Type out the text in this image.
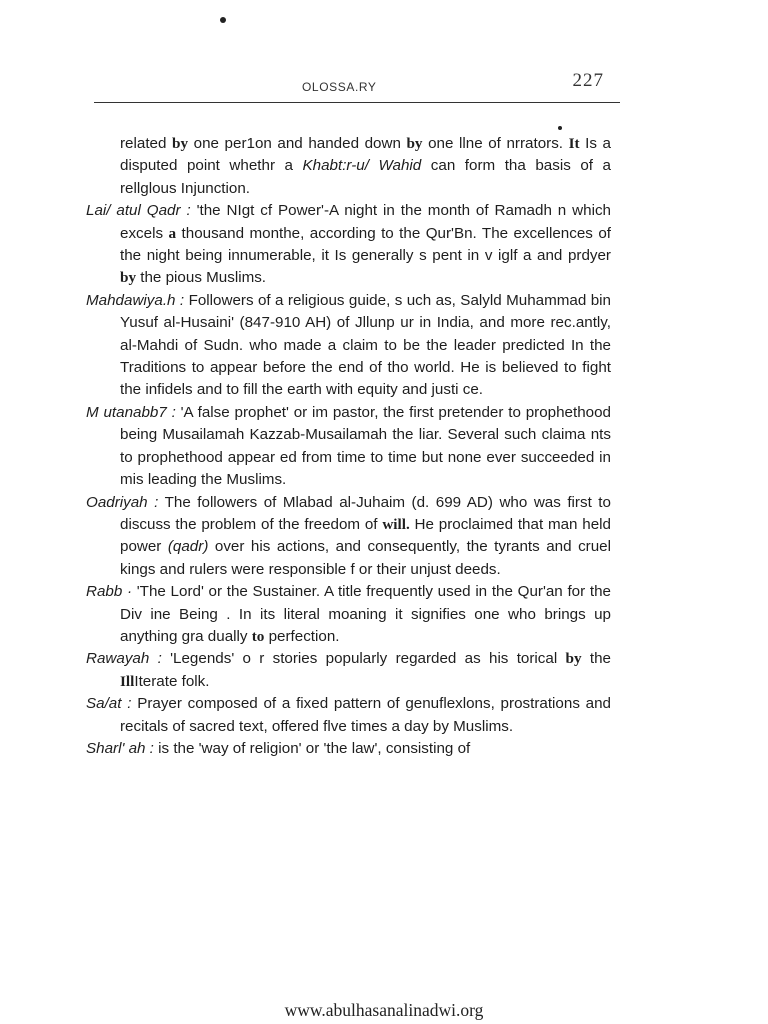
OLOSSA.RY	227

related by one per1on and handed down by one llne of nrrators. It Is a disputed point whethr a Khabt:r-u/ Wahid can form tha basis of a rellglous Injunction.

Lai/ atul Qadr : 'the NIgt cf Power'-A night in the month of Ramadh n which excels a thousand monthe, according to the Qur'Bn. The excellences of the night being innumerable, it Is generally s pent in v iglf a and prdyer by the pious Muslims.

Mahdawiya.h : Followers of a religious guide, s uch as, Salyld Muhammad bin Yusuf al-Husaini' (847-910 AH) of Jllunp ur in India, and more rec.antly, al-Mahdi of Sudn. who made a claim to be the leader predicted In the Traditions to appear before the end of tho world. He is believed to fight the infidels and to fill the earth with equity and justi ce.

M utanabb7 : 'A false prophet' or im pastor, the first pretender to prophethood being Musailamah Kazzab-Musailamah the liar. Several such claima nts to prophethood appear ed from time to time but none ever succeeded in mis leading the Muslims.

Oadriyah : The followers of Mlabad al-Juhaim (d. 699 AD) who was first to discuss the problem of the freedom of will. He proclaimed that man held power (qadr) over his actions, and consequently, the tyrants and cruel kings and rulers were responsible f or their unjust deeds.

Rabb · 'The Lord' or the Sustainer. A title frequently used in the Qur'an for the Div ine Being . In its literal moaning it signifies one who brings up anything gra dually to perfection.

Rawayah : 'Legends' o r stories popularly regarded as his torical by the IllIterate folk.

Sa/at : Prayer composed of a fixed pattern of genuflexlons, prostrations and recitals of sacred text, offered flve times a day by Muslims.

Sharl' ah : is the 'way of religion' or 'the law', consisting of

www.abulhasanalinadwi.org
